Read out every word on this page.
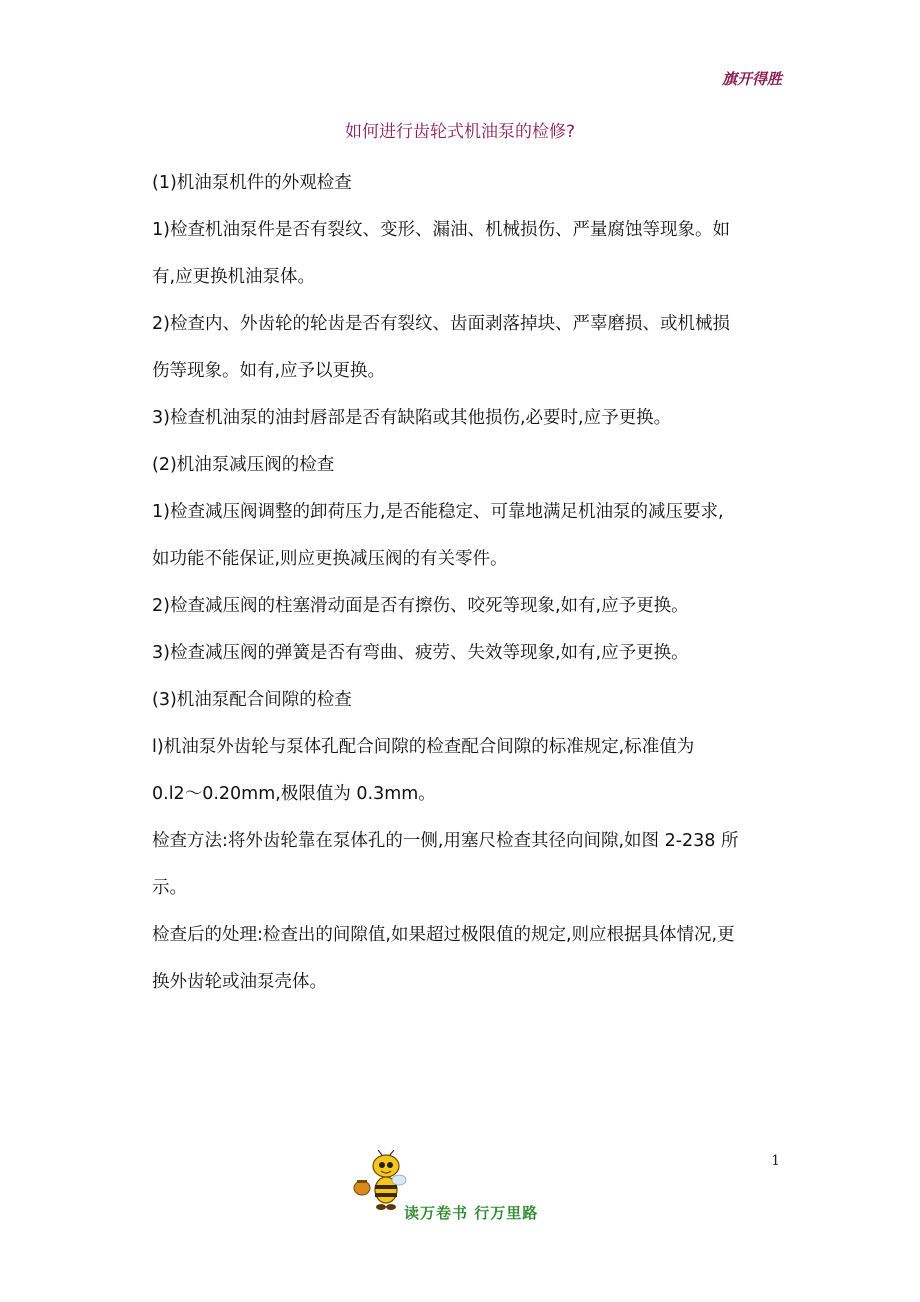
旗开得胜
如何进行齿轮式机油泵的检修?

(1)机油泵机件的外观检查

1)检查机油泵件是否有裂纹、变形、漏油、机械损伤、严量腐蚀等现象。如

有,应更换机油泵体。

2)检查内、外齿轮的轮齿是否有裂纹、齿面剥落掉块、严辜磨损、或机械损

伤等现象。如有,应予以更换。

3)检查机油泵的油封唇部是否有缺陷或其他损伤,必要时,应予更换。

(2)机油泵减压阀的检查

1)检查减压阀调整的卸荷压力,是否能稳定、可靠地满足机油泵的减压要求,

如功能不能保证,则应更换减压阀的有关零件。

2)检查减压阀的柱塞滑动面是否有擦伤、咬死等现象,如有,应予更换。

3)检查减压阀的弹簧是否有弯曲、疲劳、失效等现象,如有,应予更换。

(3)机油泵配合间隙的检查

l)机油泵外齿轮与泵体孔配合间隙的检查配合间隙的标准规定,标准值为

0.l2～0.20mm,极限值为 0.3mm。

检查方法:将外齿轮靠在泵体孔的一侧,用塞尺检查其径向间隙,如图 2-238 所

示。

检查后的处理:检查出的间隙值,如果超过极限值的规定,则应根据具体情况,更

换外齿轮或油泵壳体。

1
读万卷书 行万里路
